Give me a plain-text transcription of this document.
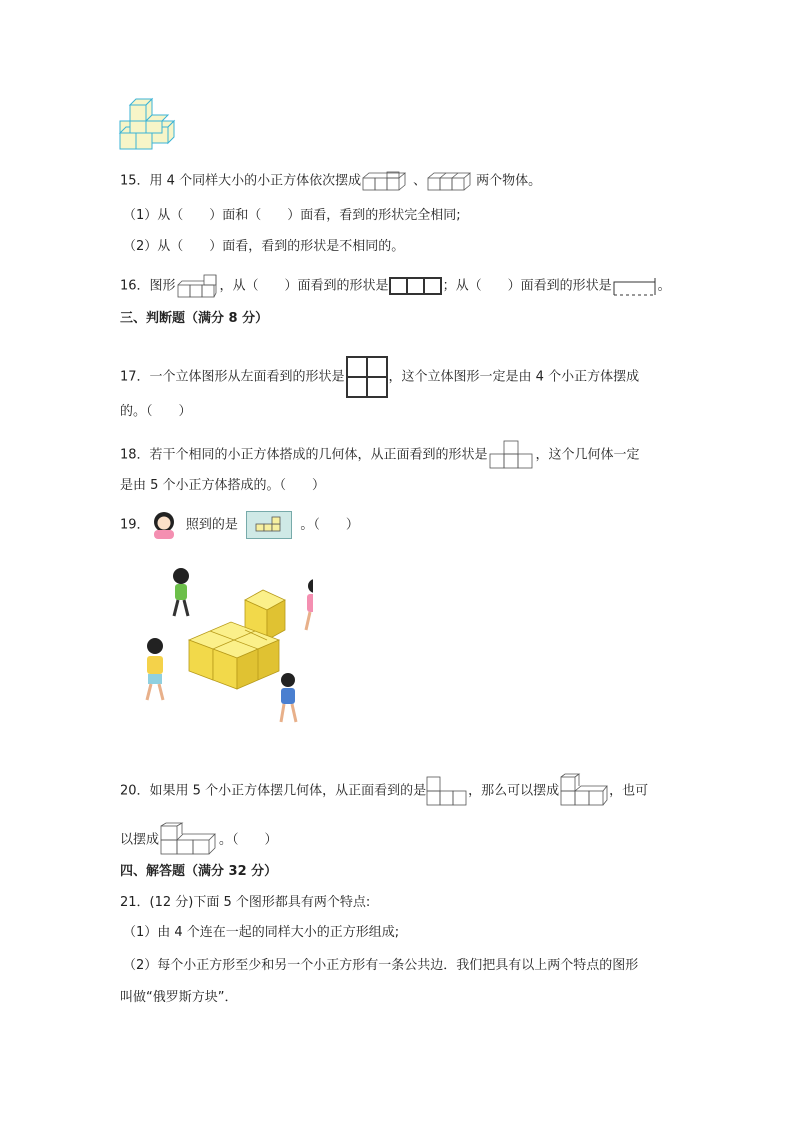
15．用 4 个同样大小的小正方体依次摆成	、	两个物体。
（1）从（　　）面和（　　）面看，看到的形状完全相同;
（2）从（　　）面看，看到的形状是不相同的。
16．图形	，从（　　）面看到的形状是	；从（　　）面看到的形状是	。
三、判断题（满分 8 分）
17．一个立体图形从左面看到的形状是	，这个立体图形一定是由 4 个小正方体摆成
的。（　　）
18．若干个相同的小正方体搭成的几何体，从正面看到的形状是	，这个几何体一定
是由 5 个小正方体搭成的。（　　）
19．	照到的是	。（　　）
20．如果用 5 个小正方体摆几何体，从正面看到的是	，那么可以摆成	，也可
以摆成	。（　　）
四、解答题（满分 32 分）
21．(12 分)下面 5 个图形都具有两个特点:
（1）由 4 个连在一起的同样大小的正方形组成;
（2）每个小正方形至少和另一个小正方形有一条公共边．我们把具有以上两个特点的图形
叫做“俄罗斯方块”．
